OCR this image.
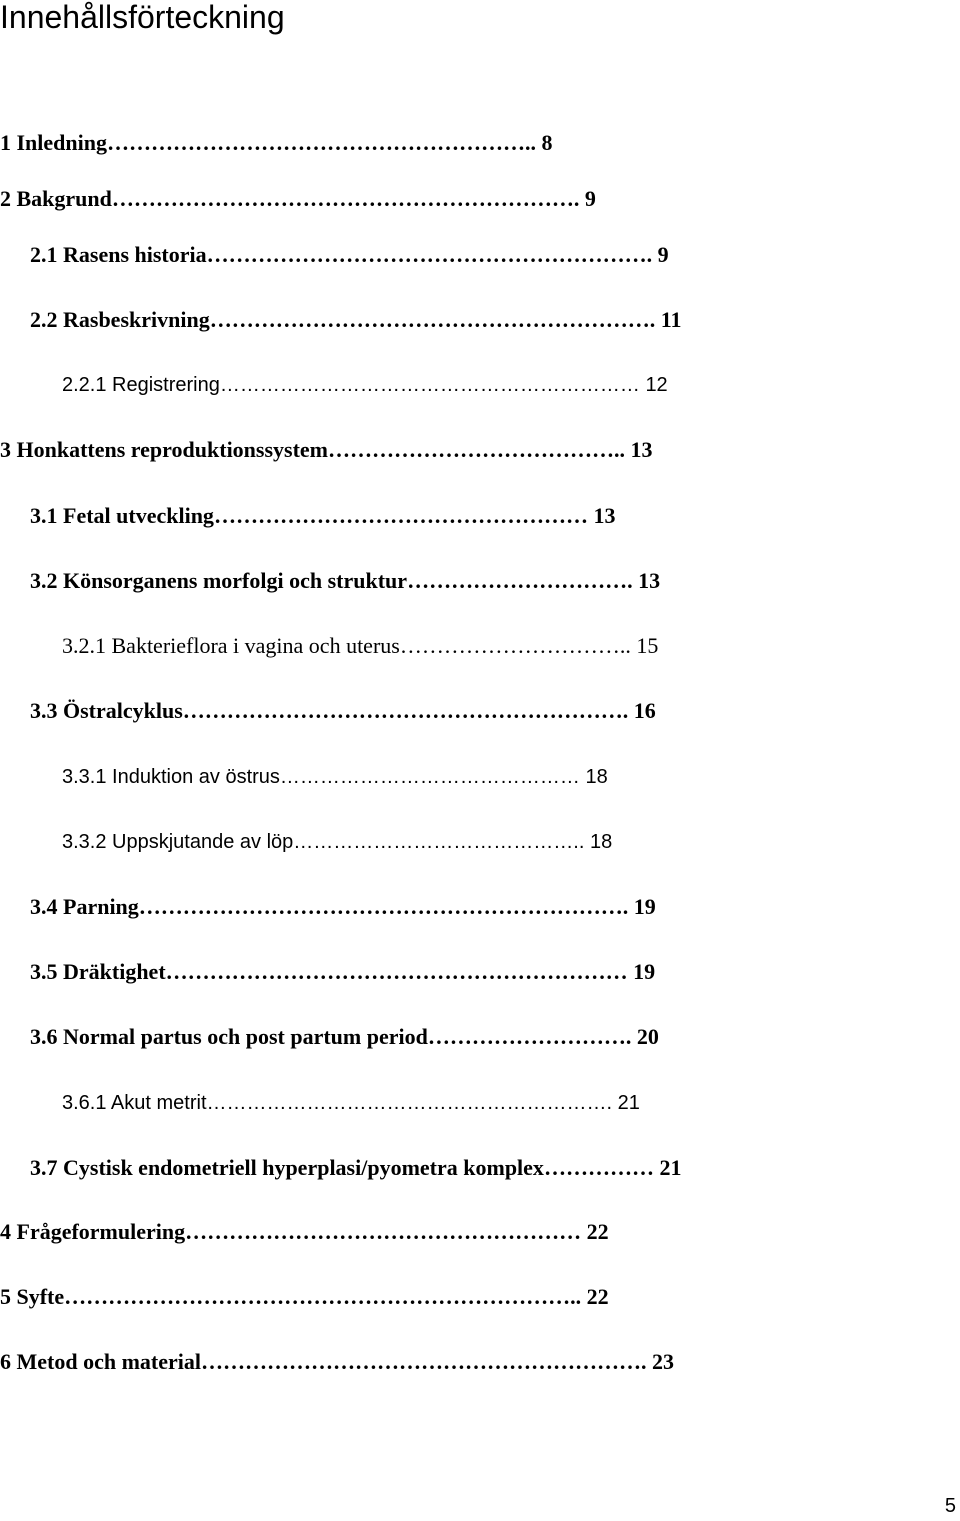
Innehållsförteckning
1 Inledning………………………………………………….. 8
2 Bakgrund………………………………………………………. 9
2.1 Rasens historia……………………………………………………. 9
2.2 Rasbeskrivning……………………………………………………. 11
2.2.1 Registrering……………………………………………………… 12
3 Honkattens reproduktionssystem………………………………….. 13
3.1 Fetal utveckling…………………………………………… 13
3.2 Könsorganens morfolgi och struktur…………………………. 13
3.2.1 Bakterieflora i vagina och uterus………………………….. 15
3.3 Östralcyklus……………………………………………………. 16
3.3.1 Induktion av östrus……………………………………… 18
3.3.2 Uppskjutande av löp…………………………………….. 18
3.4 Parning…………………………………………………………. 19
3.5 Dräktighet……………………………………………………… 19
3.6 Normal partus och post partum period………………………. 20
3.6.1 Akut metrit……………………………………………………. 21
3.7 Cystisk endometriell hyperplasi/pyometra komplex…………… 21
4 Frågeformulering……………………………………………… 22
5 Syfte…………………………………………………………….. 22
6 Metod och material……………………………………………………. 23
5
